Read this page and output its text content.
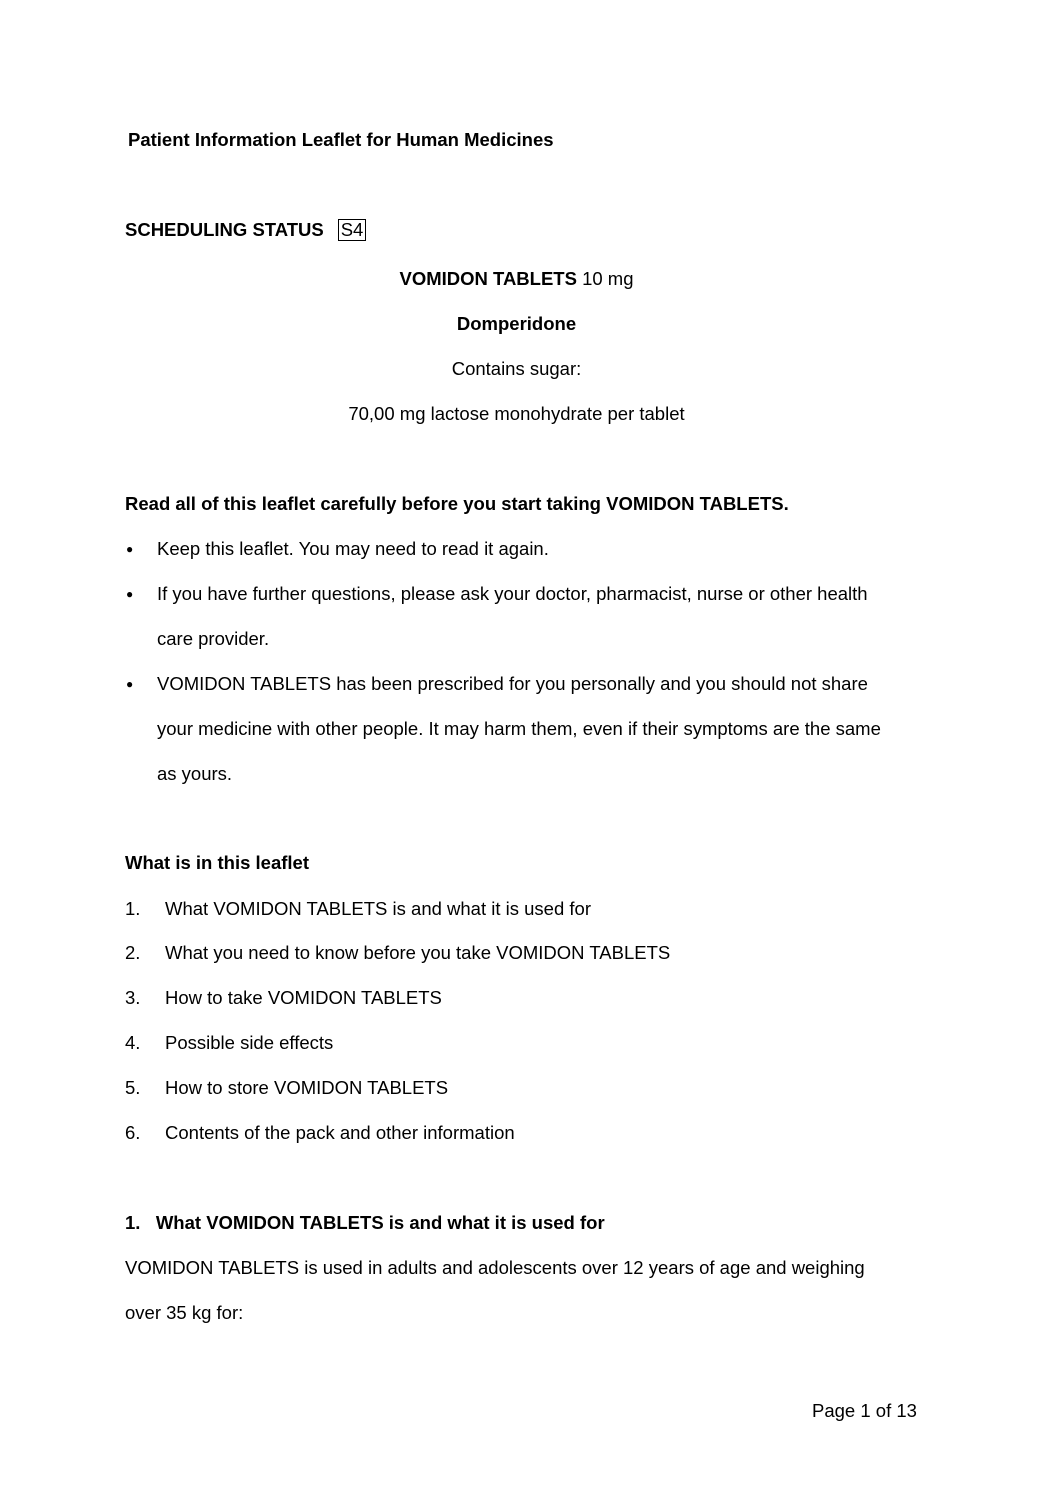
Patient Information Leaflet for Human Medicines
SCHEDULING STATUS S4
VOMIDON TABLETS 10 mg
Domperidone
Contains sugar:
70,00 mg lactose monohydrate per tablet
Read all of this leaflet carefully before you start taking VOMIDON TABLETS.
● Keep this leaflet. You may need to read it again.
● If you have further questions, please ask your doctor, pharmacist, nurse or other health
care provider.
● VOMIDON TABLETS has been prescribed for you personally and you should not share
your medicine with other people. It may harm them, even if their symptoms are the same
as yours.
What is in this leaflet
1. What VOMIDON TABLETS is and what it is used for
2. What you need to know before you take VOMIDON TABLETS
3. How to take VOMIDON TABLETS
4. Possible side effects
5. How to store VOMIDON TABLETS
6. Contents of the pack and other information
1.   What VOMIDON TABLETS is and what it is used for
VOMIDON TABLETS is used in adults and adolescents over 12 years of age and weighing
over 35 kg for:
Page 1 of 13
